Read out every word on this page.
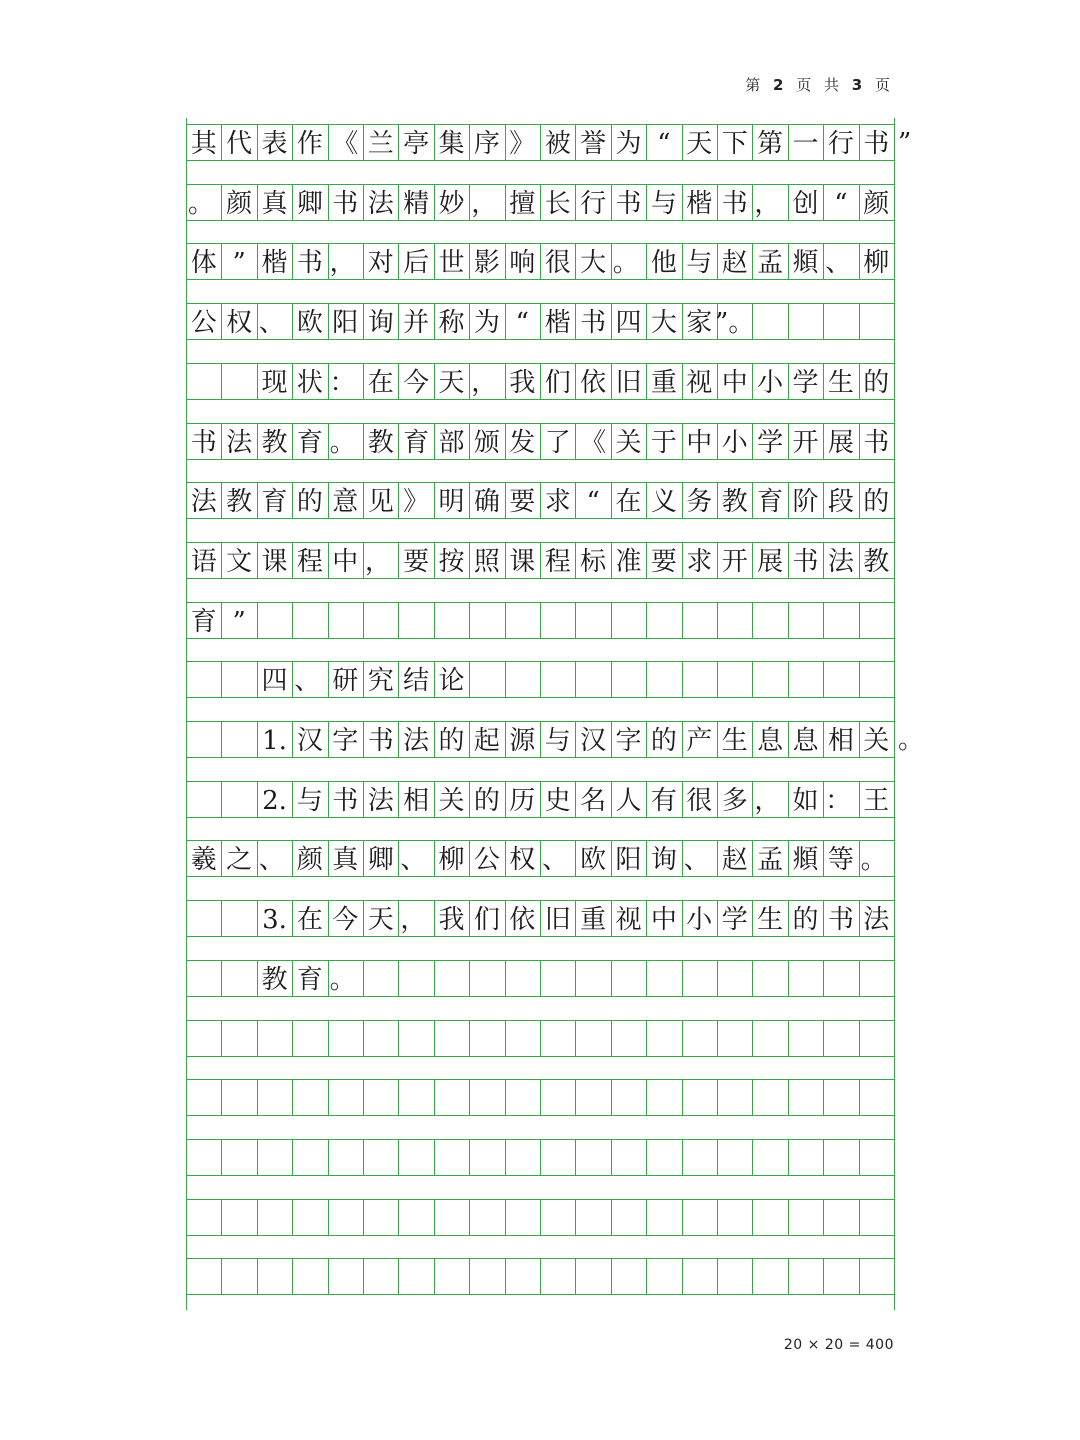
第 2 页 共 3 页
其 代 表 作 《 兰 亭 集 序 》 被 誉 为 “ 天 下 第 一 行 书 ”
。 颜 真 卿 书 法 精 妙 ， 擅 长 行 书 与 楷 书 ， 创 “ 颜
体 ” 楷 书 ， 对 后 世 影 响 很 大 。 他 与 赵 孟 頫 、 柳
公 权 、 欧 阳 询 并 称 为 “ 楷 书 四 大 家 ”。
现 状 ： 在 今 天 ， 我 们 依 旧 重 视 中 小 学 生 的
书 法 教 育 。 教 育 部 颁 发 了 《 关 于 中 小 学 开 展 书
法 教 育 的 意 见 》 明 确 要 求 “ 在 义 务 教 育 阶 段 的
语 文 课 程 中 ， 要 按 照 课 程 标 准 要 求 开 展 书 法 教
育 ”
四 、 研 究 结 论
1. 汉 字 书 法 的 起 源 与 汉 字 的 产 生 息 息 相 关 。
2. 与 书 法 相 关 的 历 史 名 人 有 很 多 ， 如 ： 王
羲 之 、 颜 真 卿 、 柳 公 权 、 欧 阳 询 、 赵 孟 頫 等 。
3. 在 今 天 ， 我 们 依 旧 重 视 中 小 学 生 的 书 法
教 育 。
20 × 20 = 400
